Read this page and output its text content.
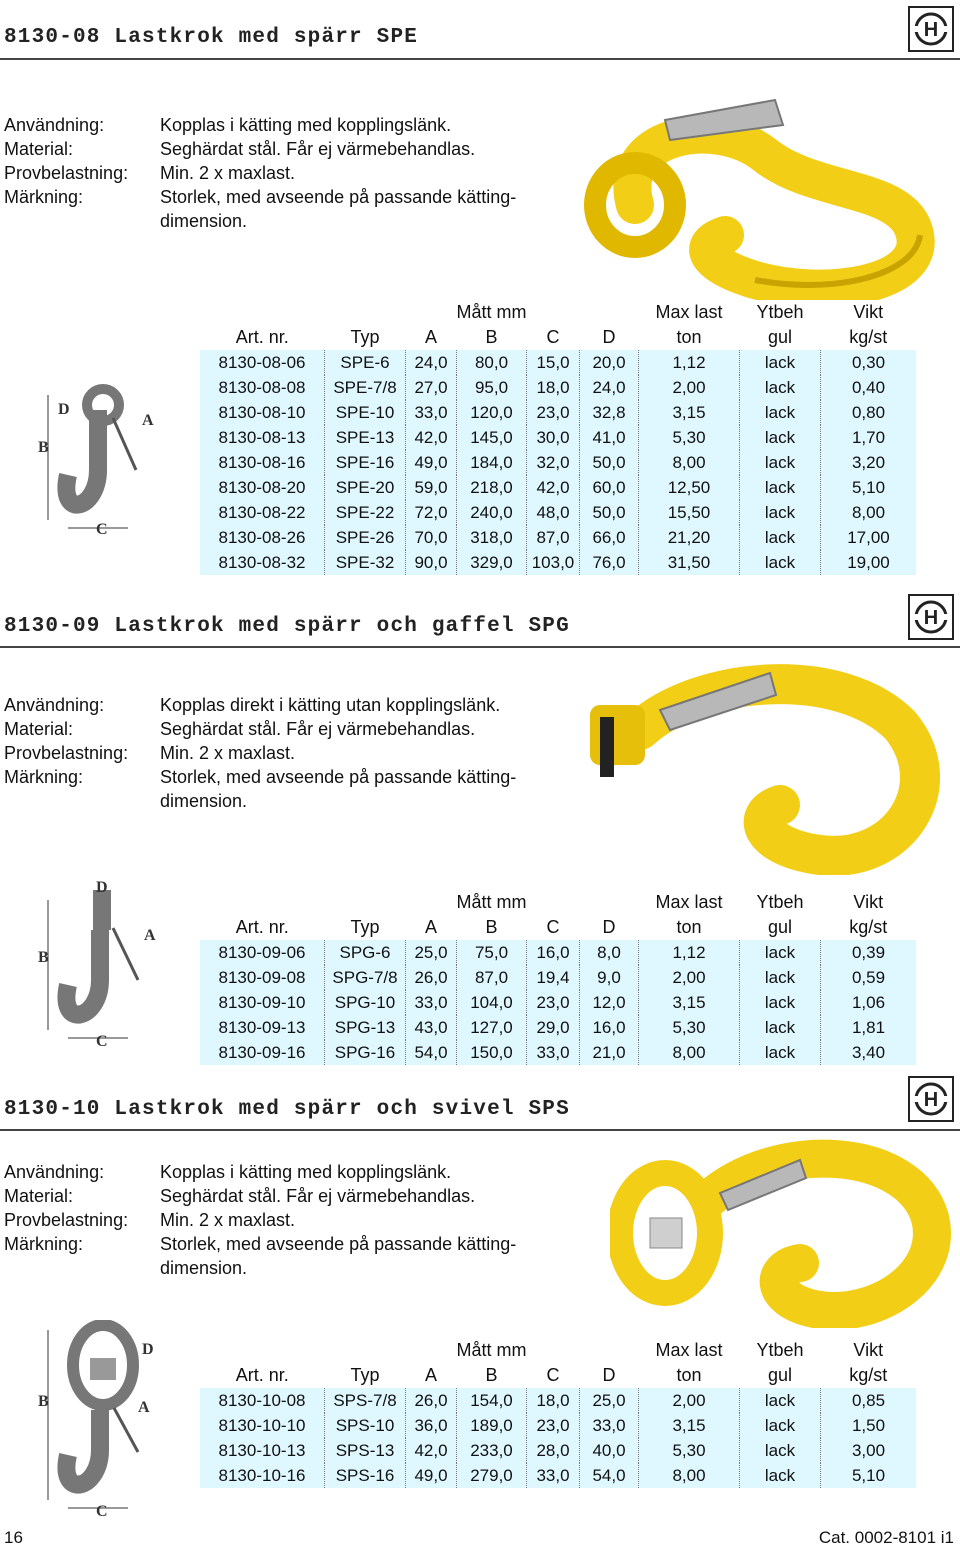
8130-08 Lastkrok med spärr SPE	H
Användning:	Kopplas i kätting med kopplingslänk.
Material:	Seghärdat stål. Får ej värmebehandlas.
Provbelastning: Min. 2 x maxlast.
Märkning:	Storlek, med avseende på passande kätting-
dimension.
D
A
B
C
			Mått mm			Max last	Ytbeh	Vikt
Art. nr.	Typ	A	B	C	D	ton	gul	kg/st
8130-08-06	SPE-6	24,0	80,0	15,0	20,0	1,12	lack	0,30
8130-08-08	SPE-7/8	27,0	95,0	18,0	24,0	2,00	lack	0,40
8130-08-10	SPE-10	33,0	120,0	23,0	32,8	3,15	lack	0,80
8130-08-13	SPE-13	42,0	145,0	30,0	41,0	5,30	lack	1,70
8130-08-16	SPE-16	49,0	184,0	32,0	50,0	8,00	lack	3,20
8130-08-20	SPE-20	59,0	218,0	42,0	60,0	12,50	lack	5,10
8130-08-22	SPE-22	72,0	240,0	48,0	50,0	15,50	lack	8,00
8130-08-26	SPE-26	70,0	318,0	87,0	66,0	21,20	lack	17,00
8130-08-32	SPE-32	90,0	329,0	103,0	76,0	31,50	lack	19,00
8130-09 Lastkrok med spärr och gaffel SPG	H
Användning:	Kopplas direkt i kätting utan kopplingslänk.
Material:	Seghärdat stål. Får ej värmebehandlas.
Provbelastning: Min. 2 x maxlast.
Märkning:	Storlek, med avseende på passande kätting-
dimension.
D
A
B
C
			Mått mm			Max last	Ytbeh	Vikt
Art. nr.	Typ	A	B	C	D	ton	gul	kg/st
8130-09-06	SPG-6	25,0	75,0	16,0	8,0	1,12	lack	0,39
8130-09-08	SPG-7/8	26,0	87,0	19,4	9,0	2,00	lack	0,59
8130-09-10	SPG-10	33,0	104,0	23,0	12,0	3,15	lack	1,06
8130-09-13	SPG-13	43,0	127,0	29,0	16,0	5,30	lack	1,81
8130-09-16	SPG-16	54,0	150,0	33,0	21,0	8,00	lack	3,40
8130-10 Lastkrok med spärr och svivel SPS	H
Användning:	Kopplas i kätting med kopplingslänk.
Material:	Seghärdat stål. Får ej värmebehandlas.
Provbelastning: Min. 2 x maxlast.
Märkning:	Storlek, med avseende på passande kätting-
dimension.
D
A
B
C
			Mått mm			Max last	Ytbeh	Vikt
Art. nr.	Typ	A	B	C	D	ton	gul	kg/st
8130-10-08	SPS-7/8	26,0	154,0	18,0	25,0	2,00	lack	0,85
8130-10-10	SPS-10	36,0	189,0	23,0	33,0	3,15	lack	1,50
8130-10-13	SPS-13	42,0	233,0	28,0	40,0	5,30	lack	3,00
8130-10-16	SPS-16	49,0	279,0	33,0	54,0	8,00	lack	5,10
16	Cat. 0002-8101 i1
